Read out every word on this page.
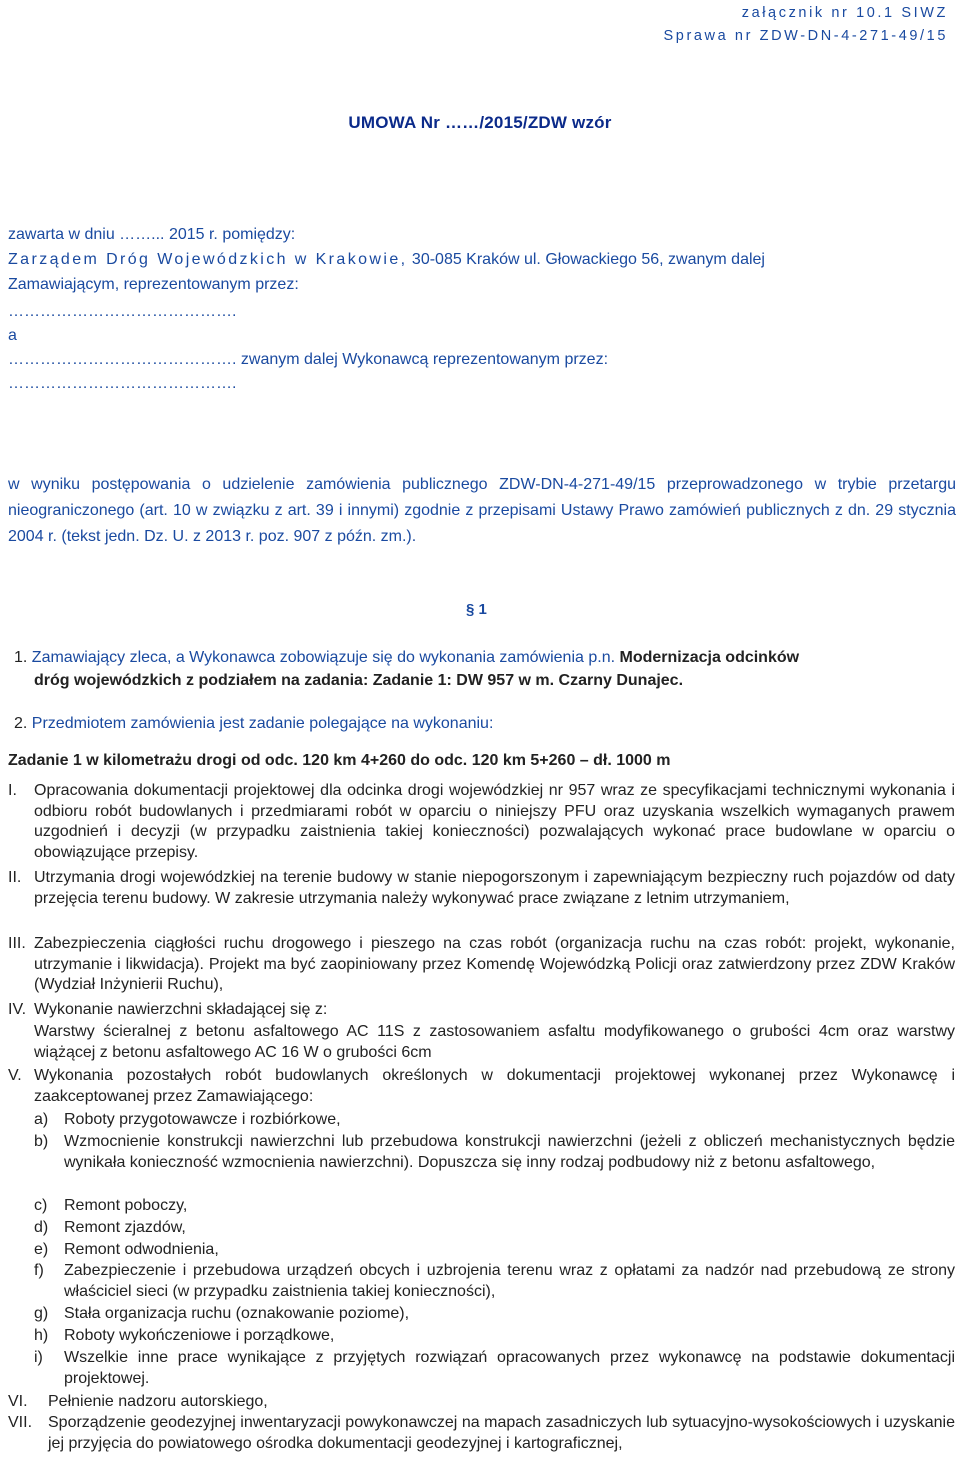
załącznik nr 10.1 SIWZ
Sprawa nr ZDW-DN-4-271-49/15
UMOWA Nr ……/2015/ZDW wzór
zawarta w dniu ……... 2015 r. pomiędzy:
Zarządem Dróg Wojewódzkich w Krakowie, 30-085 Kraków ul. Głowackiego 56, zwanym dalej
Zamawiającym, reprezentowanym przez:
…………………………………….
a
……………………………………. zwanym dalej Wykonawcą reprezentowanym przez:
…………………………………….
w wyniku postępowania o udzielenie zamówienia publicznego ZDW-DN-4-271-49/15 przeprowadzonego w trybie przetargu nieograniczonego (art. 10 w związku z art. 39 i innymi) zgodnie z przepisami Ustawy Prawo zamówień publicznych z dn. 29 stycznia 2004 r. (tekst jedn. Dz. U. z 2013 r. poz. 907 z późn. zm.).
§ 1
1. Zamawiający zleca, a Wykonawca zobowiązuje się do wykonania zamówienia p.n. Modernizacja odcinków
dróg wojewódzkich z podziałem na zadania: Zadanie 1: DW 957 w m. Czarny Dunajec.
2. Przedmiotem zamówienia jest zadanie polegające na wykonaniu:
Zadanie 1 w kilometrażu drogi od odc. 120 km 4+260 do odc. 120 km 5+260 – dł. 1000 m
I. Opracowania dokumentacji projektowej dla odcinka drogi wojewódzkiej nr 957 wraz ze specyfikacjami technicznymi wykonania i odbioru robót budowlanych i przedmiarami robót w oparciu o niniejszy PFU oraz uzyskania wszelkich wymaganych prawem uzgodnień i decyzji (w przypadku zaistnienia takiej konieczności) pozwalających wykonać prace budowlane w oparciu o obowiązujące przepisy.
II. Utrzymania drogi wojewódzkiej na terenie budowy w stanie niepogorszonym i zapewniającym bezpieczny ruch pojazdów od daty przejęcia terenu budowy. W zakresie utrzymania należy wykonywać prace związane z letnim utrzymaniem,
III. Zabezpieczenia ciągłości ruchu drogowego i pieszego na czas robót (organizacja ruchu na czas robót: projekt, wykonanie, utrzymanie i likwidacja). Projekt ma być zaopiniowany przez Komendę Wojewódzką Policji oraz zatwierdzony przez ZDW Kraków (Wydział Inżynierii Ruchu),
IV. Wykonanie nawierzchni składającej się z:
Warstwy ścieralnej z betonu asfaltowego AC 11S z zastosowaniem asfaltu modyfikowanego o grubości 4cm oraz warstwy wiążącej z betonu asfaltowego AC 16 W o grubości 6cm
V. Wykonania pozostałych robót budowlanych określonych w dokumentacji projektowej wykonanej przez Wykonawcę i zaakceptowanej przez Zamawiającego:
a) Roboty przygotowawcze i rozbiórkowe,
b) Wzmocnienie konstrukcji nawierzchni lub przebudowa konstrukcji nawierzchni (jeżeli z obliczeń mechanistycznych będzie wynikała konieczność wzmocnienia nawierzchni). Dopuszcza się inny rodzaj podbudowy niż z betonu asfaltowego,
c) Remont poboczy,
d) Remont zjazdów,
e) Remont odwodnienia,
f) Zabezpieczenie i przebudowa urządzeń obcych i uzbrojenia terenu wraz z opłatami za nadzór nad przebudową ze strony właściciel sieci (w przypadku zaistnienia takiej konieczności),
g) Stała organizacja ruchu (oznakowanie poziome),
h) Roboty wykończeniowe i porządkowe,
i) Wszelkie inne prace wynikające z przyjętych rozwiązań opracowanych przez wykonawcę na podstawie dokumentacji projektowej.
VI. Pełnienie nadzoru autorskiego,
VII. Sporządzenie geodezyjnej inwentaryzacji powykonawczej na mapach zasadniczych lub sytuacyjno-wysokościowych i uzyskanie jej przyjęcia do powiatowego ośrodka dokumentacji geodezyjnej i kartograficznej,
